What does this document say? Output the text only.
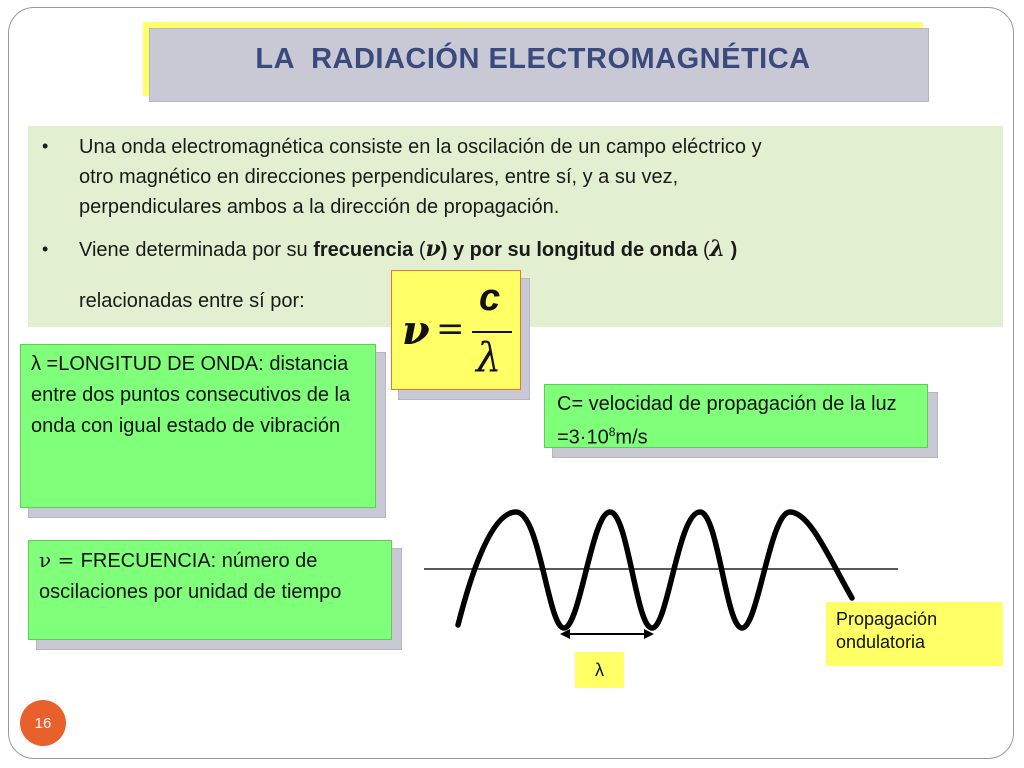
LA  RADIACIÓN ELECTROMAGNÉTICA
• Una onda electromagnética consiste en la oscilación de un campo eléctrico y
otro magnético en direcciones perpendiculares, entre sí, y a su vez,
perpendiculares ambos a la dirección de propagación.
• Viene determinada por su frecuencia (ν) y por su longitud de onda (λ )
relacionadas entre sí por:
ν =
c
λ
λ =LONGITUD DE ONDA: distancia entre dos puntos consecutivos de la onda con igual estado de vibración
C= velocidad de propagación de la luz $=3\cdot 10^8m/s$
ν = FRECUENCIA: número de oscilaciones por unidad de tiempo
λ
Propagación ondulatoria
16
